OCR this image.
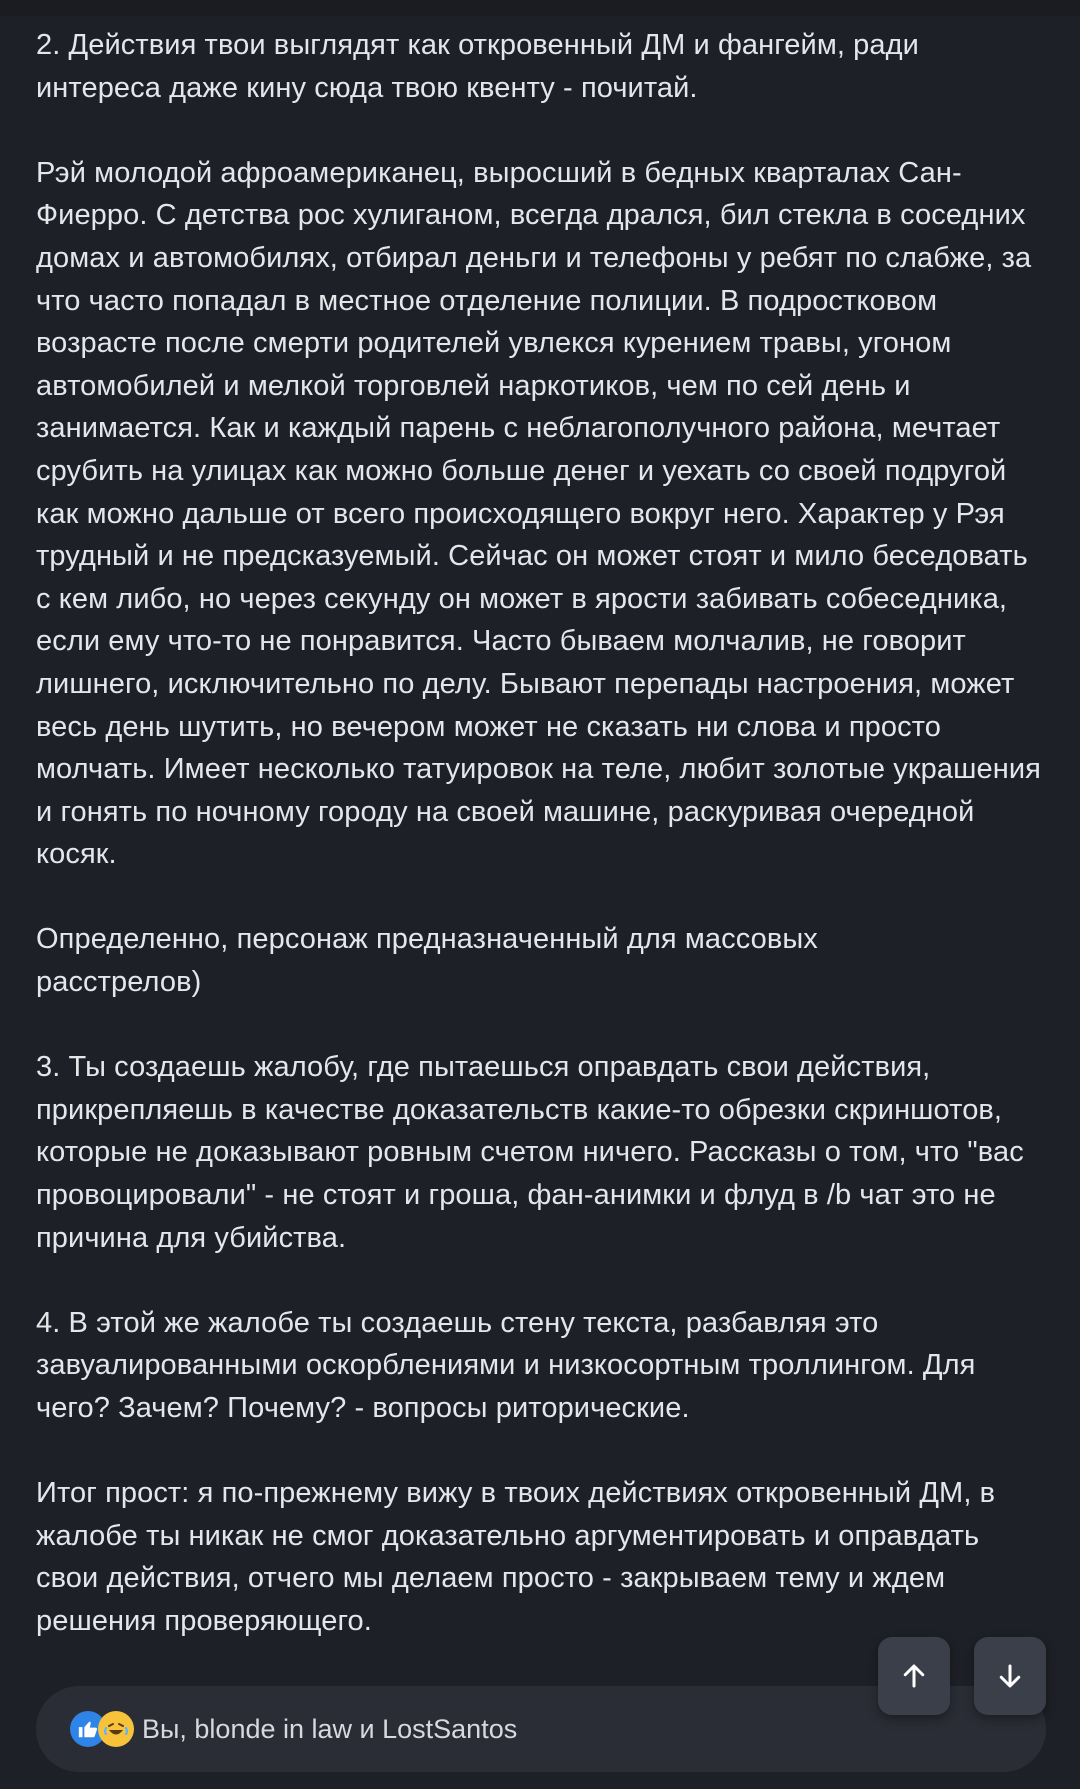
2. Действия твои выглядят как откровенный ДМ и фангейм, ради интереса даже кину сюда твою квенту - почитай.

Рэй молодой афроамериканец, выросший в бедных кварталах Сан-Фиерро. С детства рос хулиганом, всегда дрался, бил стекла в соседних домах и автомобилях, отбирал деньги и телефоны у ребят по слабже, за что часто попадал в местное отделение полиции. В подростковом возрасте после смерти родителей увлекся курением травы, угоном автомобилей и мелкой торговлей наркотиков, чем по сей день и занимается. Как и каждый парень с неблагополучного района, мечтает срубить на улицах как можно больше денег и уехать со своей подругой как можно дальше от всего происходящего вокруг него. Характер у Рэя трудный и не предсказуемый. Сейчас он может стоят и мило беседовать с кем либо, но через секунду он может в ярости забивать собеседника, если ему что-то не понравится. Часто бываем молчалив, не говорит лишнего, исключительно по делу. Бывают перепады настроения, может весь день шутить, но вечером может не сказать ни слова и просто молчать. Имеет несколько татуировок на теле, любит золотые украшения и гонять по ночному городу на своей машине, раскуривая очередной косяк.

Определенно, персонаж предназначенный для массовых
расстрелов)

3. Ты создаешь жалобу, где пытаешься оправдать свои действия, прикрепляешь в качестве доказательств какие-то обрезки скриншотов, которые не доказывают ровным счетом ничего. Рассказы о том, что "вас провоцировали" - не стоят и гроша, фан-анимки и флуд в /b чат это не причина для убийства.

4. В этой же жалобе ты создаешь стену текста, разбавляя это завуалированными оскорблениями и низкосортным троллингом. Для чего? Зачем? Почему? - вопросы риторические.

Итог прост: я по-прежнему вижу в твоих действиях откровенный ДМ, в жалобе ты никак не смог доказательно аргументировать и оправдать свои действия, отчего мы делаем просто - закрываем тему и ждем решения проверяющего.

Вы, blonde in law и LostSantos
